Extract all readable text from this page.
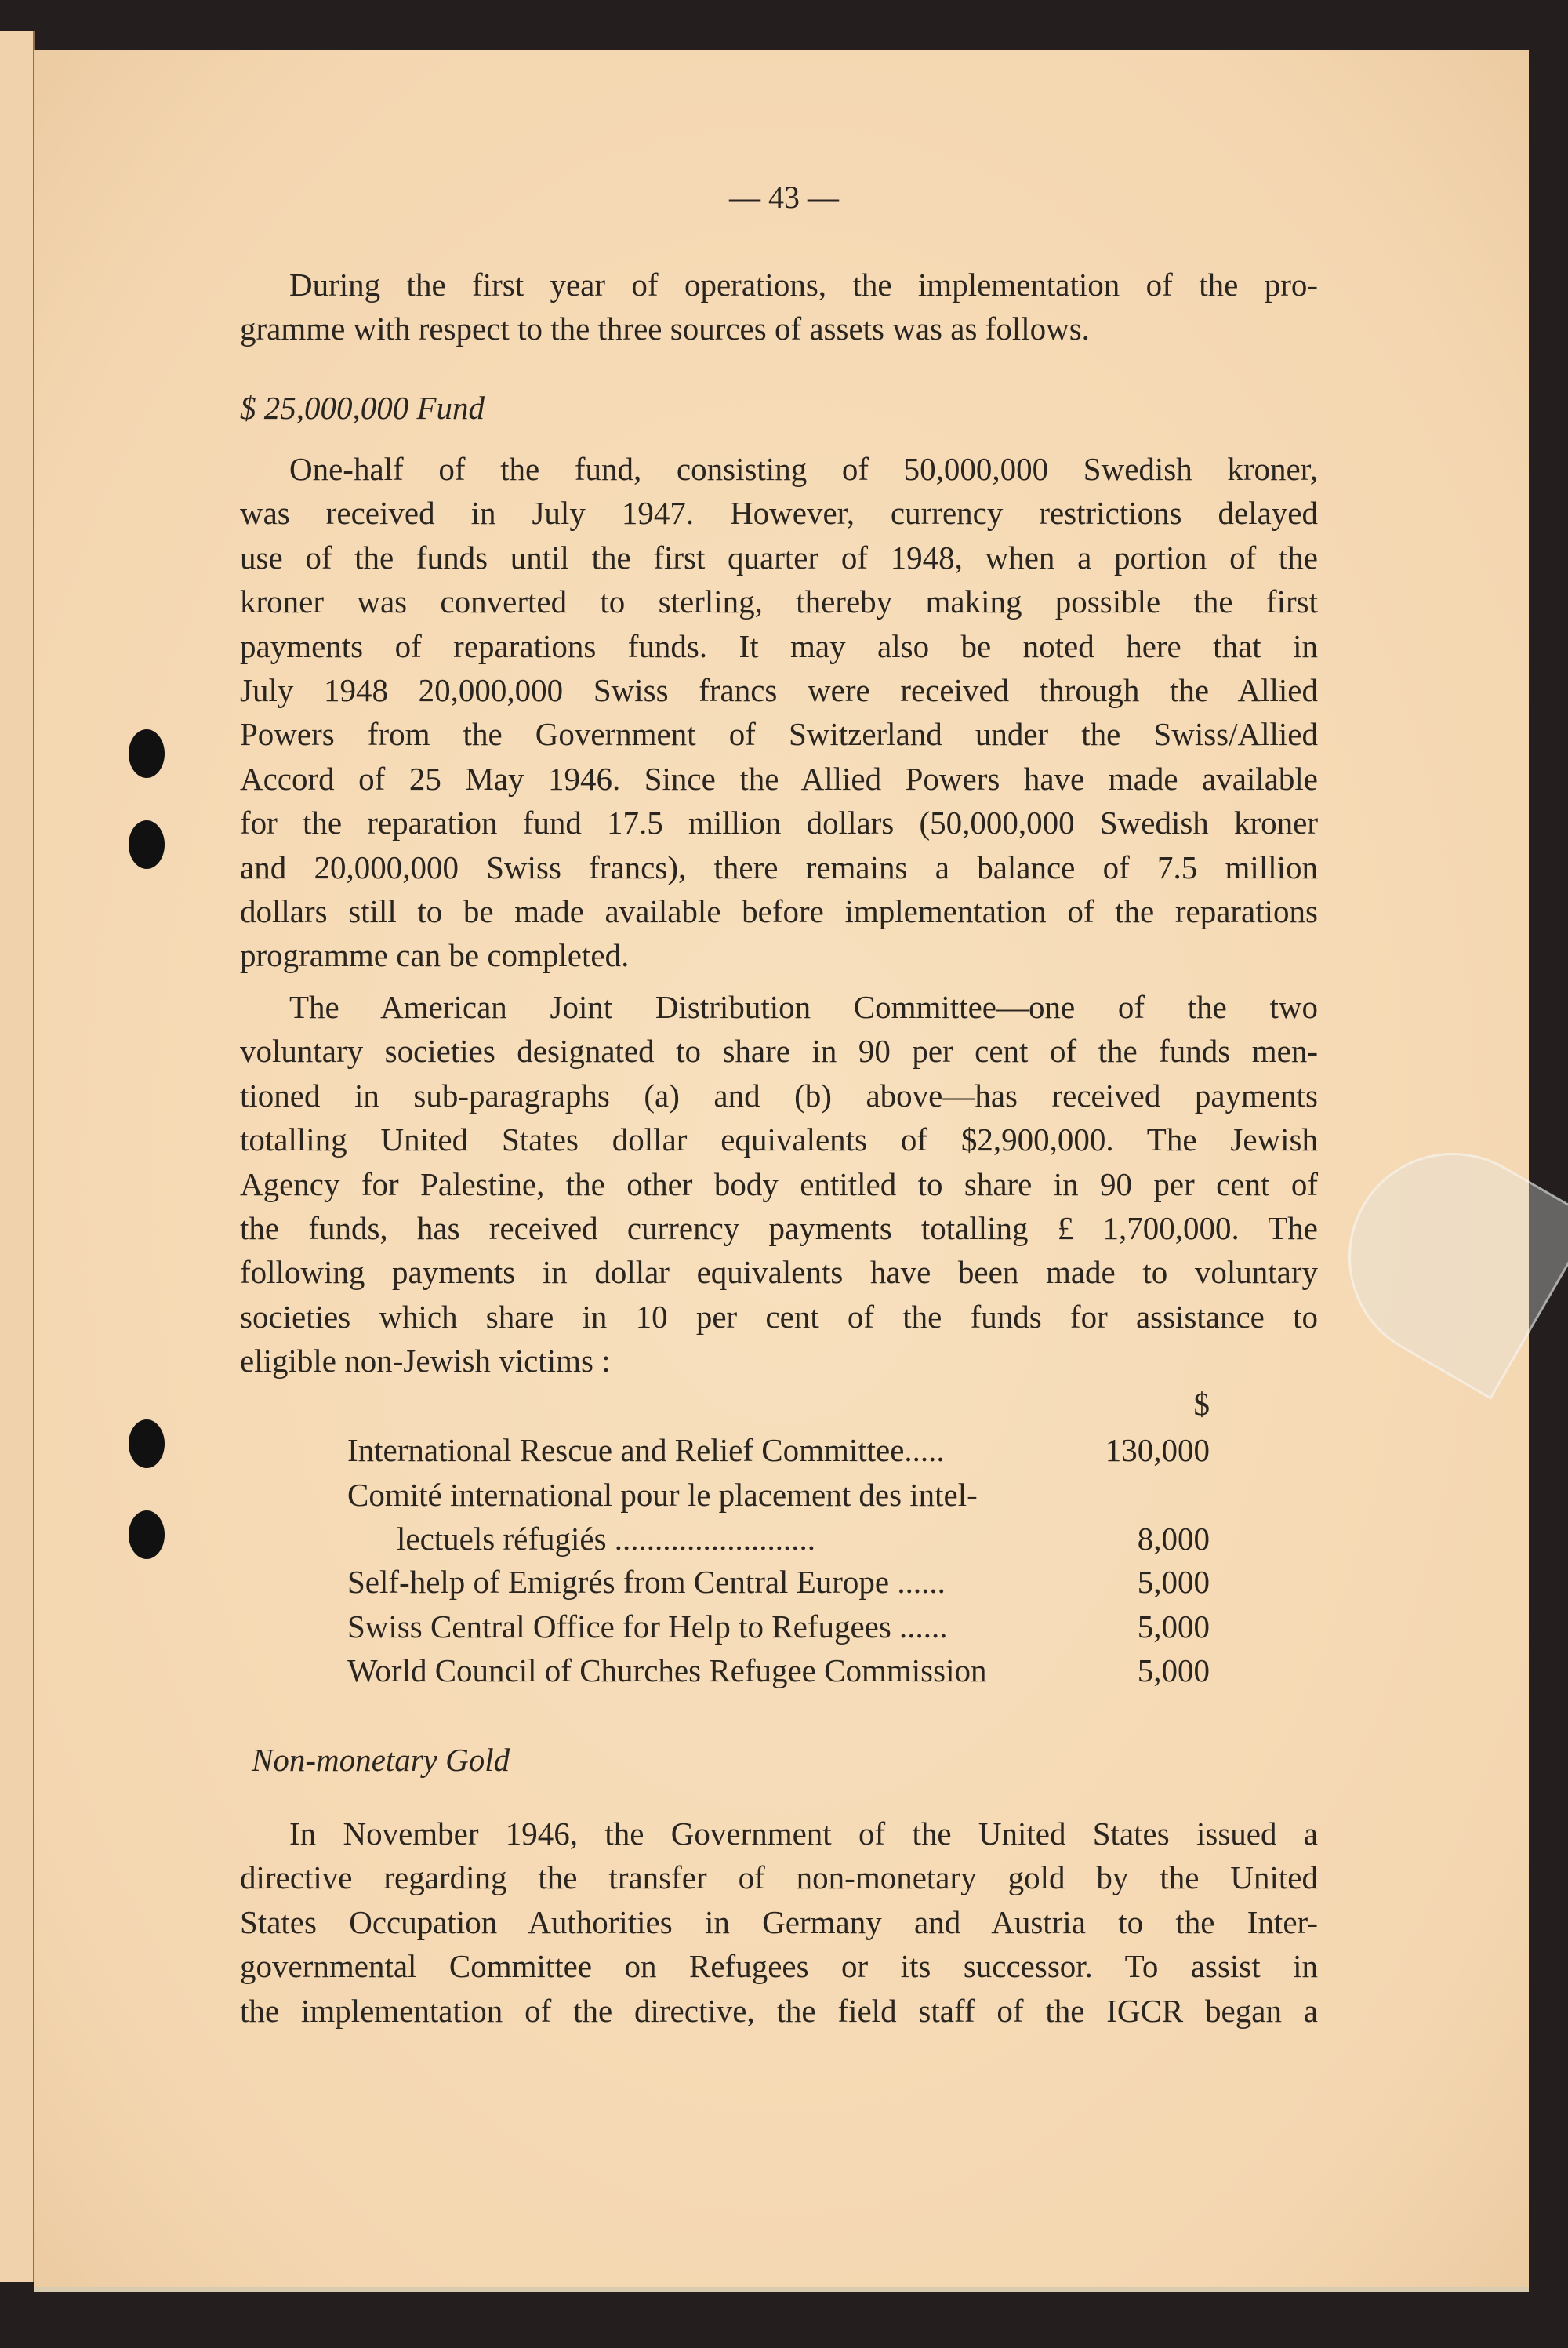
— 43 —
During the first year of operations, the implementation of the pro-
gramme with respect to the three sources of assets was as follows.
One-half of the fund, consisting of 50,000,000 Swedish kroner,
was received in July 1947. However, currency restrictions delayed
use of the funds until the first quarter of 1948, when a portion of the
kroner was converted to sterling, thereby making possible the first
payments of reparations funds. It may also be noted here that in
July 1948 20,000,000 Swiss francs were received through the Allied
Powers from the Government of Switzerland under the Swiss/Allied
Accord of 25 May 1946. Since the Allied Powers have made available
for the reparation fund 17.5 million dollars (50,000,000 Swedish kroner
and 20,000,000 Swiss francs), there remains a balance of 7.5 million
dollars still to be made available before implementation of the reparations
programme can be completed.
The American Joint Distribution Committee—one of the two
voluntary societies designated to share in 90 per cent of the funds men-
tioned in sub-paragraphs (a) and (b) above—has received payments
totalling United States dollar equivalents of $2,900,000. The Jewish
Agency for Palestine, the other body entitled to share in 90 per cent of
the funds, has received currency payments totalling £ 1,700,000. The
following payments in dollar equivalents have been made to voluntary
societies which share in 10 per cent of the funds for assistance to
eligible non-Jewish victims :
In November 1946, the Government of the United States issued a
directive regarding the transfer of non-monetary gold by the United
States Occupation Authorities in Germany and Austria to the Inter-
governmental Committee on Refugees or its successor. To assist in
the implementation of the directive, the field staff of the IGCR began a
$ 25,000,000 Fund
$
International Rescue and Relief Committee.....	130,000
Comité international pour le placement des intel-
lectuels réfugiés .........................	8,000
Self-help of Emigrés from Central Europe ......	5,000
Swiss Central Office for Help to Refugees ......	5,000
World Council of Churches Refugee Commission	5,000
Non-monetary Gold
